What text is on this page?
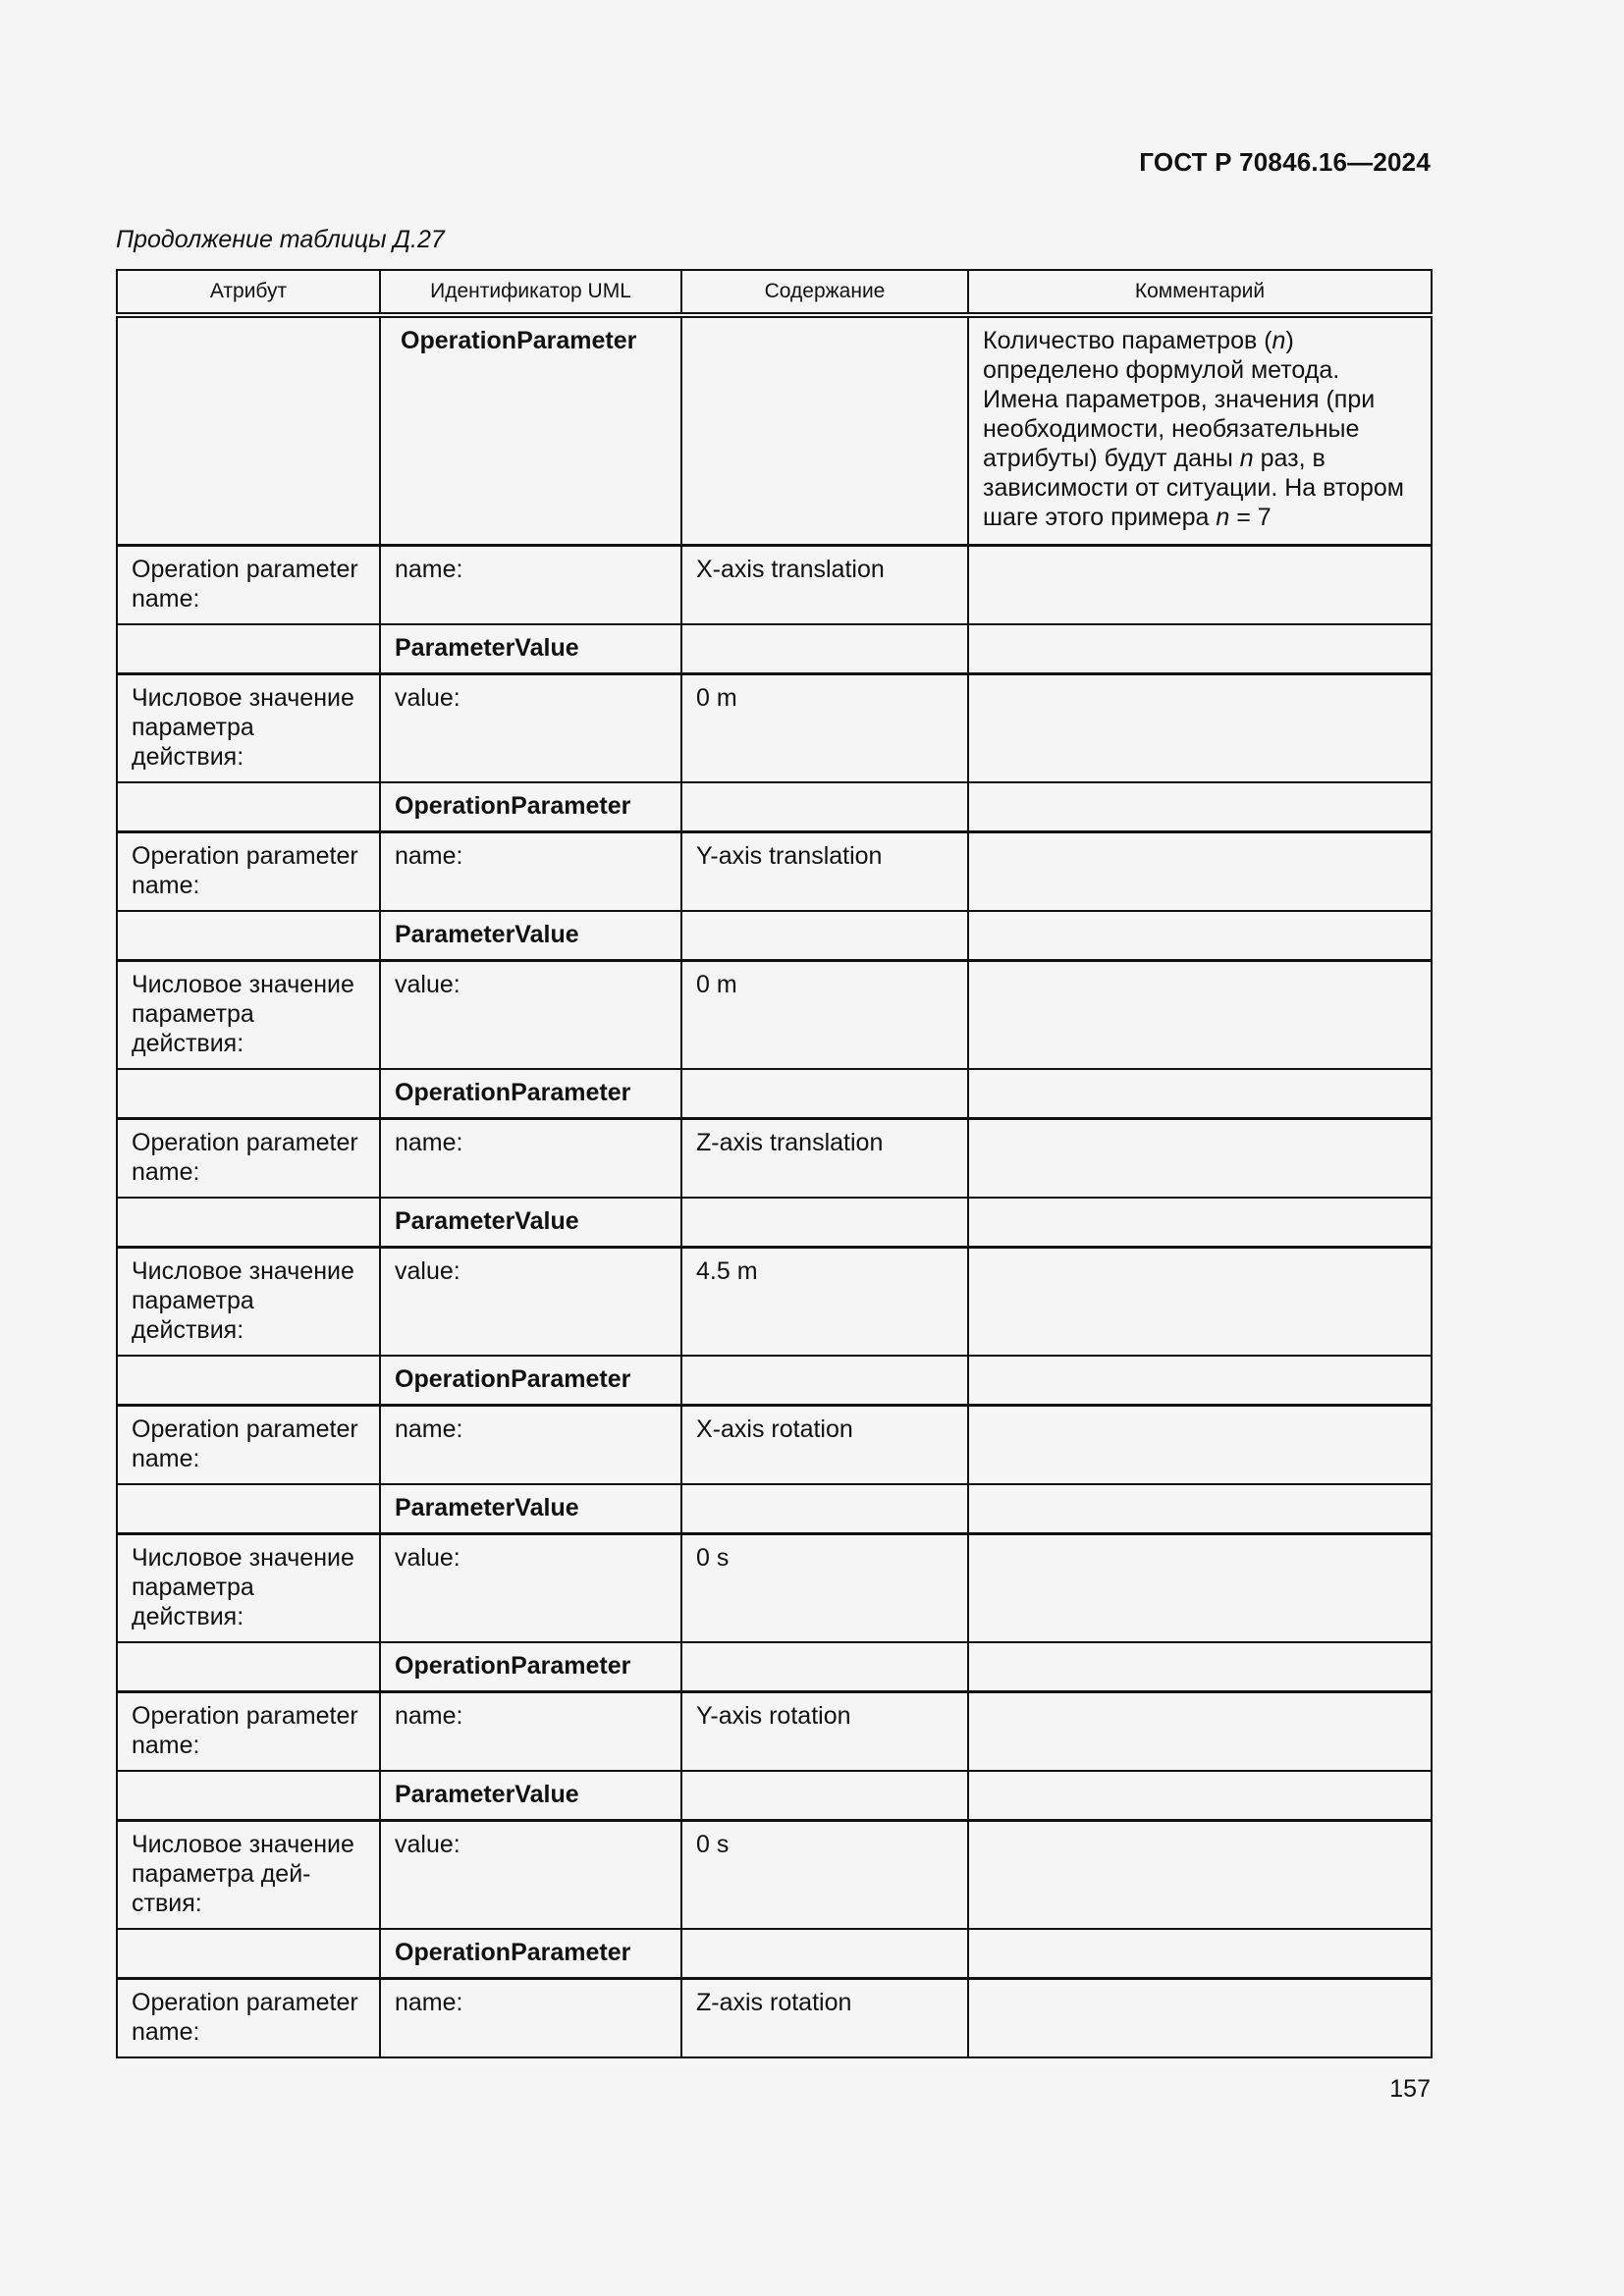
ГОСТ Р 70846.16—2024
Продолжение таблицы Д.27
Атрибут	Идентификатор UML	Содержание	Комментарий
	OperationParameter		Количество параметров (n) определено формулой метода. Имена параметров, значения (при необходимости, необязательные атрибуты) будут даны n раз, в зависимости от ситуации. На втором шаге этого примера n = 7
Operation parameter name:	name:	X-axis translation	
	ParameterValue		
Числовое значение параметра действия:	value:	0 m	
	OperationParameter		
Operation parameter name:	name:	Y-axis translation	
	ParameterValue		
Числовое значение параметра действия:	value:	0 m	
	OperationParameter		
Operation parameter name:	name:	Z-axis translation	
	ParameterValue		
Числовое значение параметра действия:	value:	4.5 m	
	OperationParameter		
Operation parameter name:	name:	X-axis rotation	
	ParameterValue		
Числовое значение параметра действия:	value:	0 s	
	OperationParameter		
Operation parameter name:	name:	Y-axis rotation	
	ParameterValue		
Числовое значение параметра дей-ствия:	value:	0 s	
	OperationParameter		
Operation parameter name:	name:	Z-axis rotation	
157
